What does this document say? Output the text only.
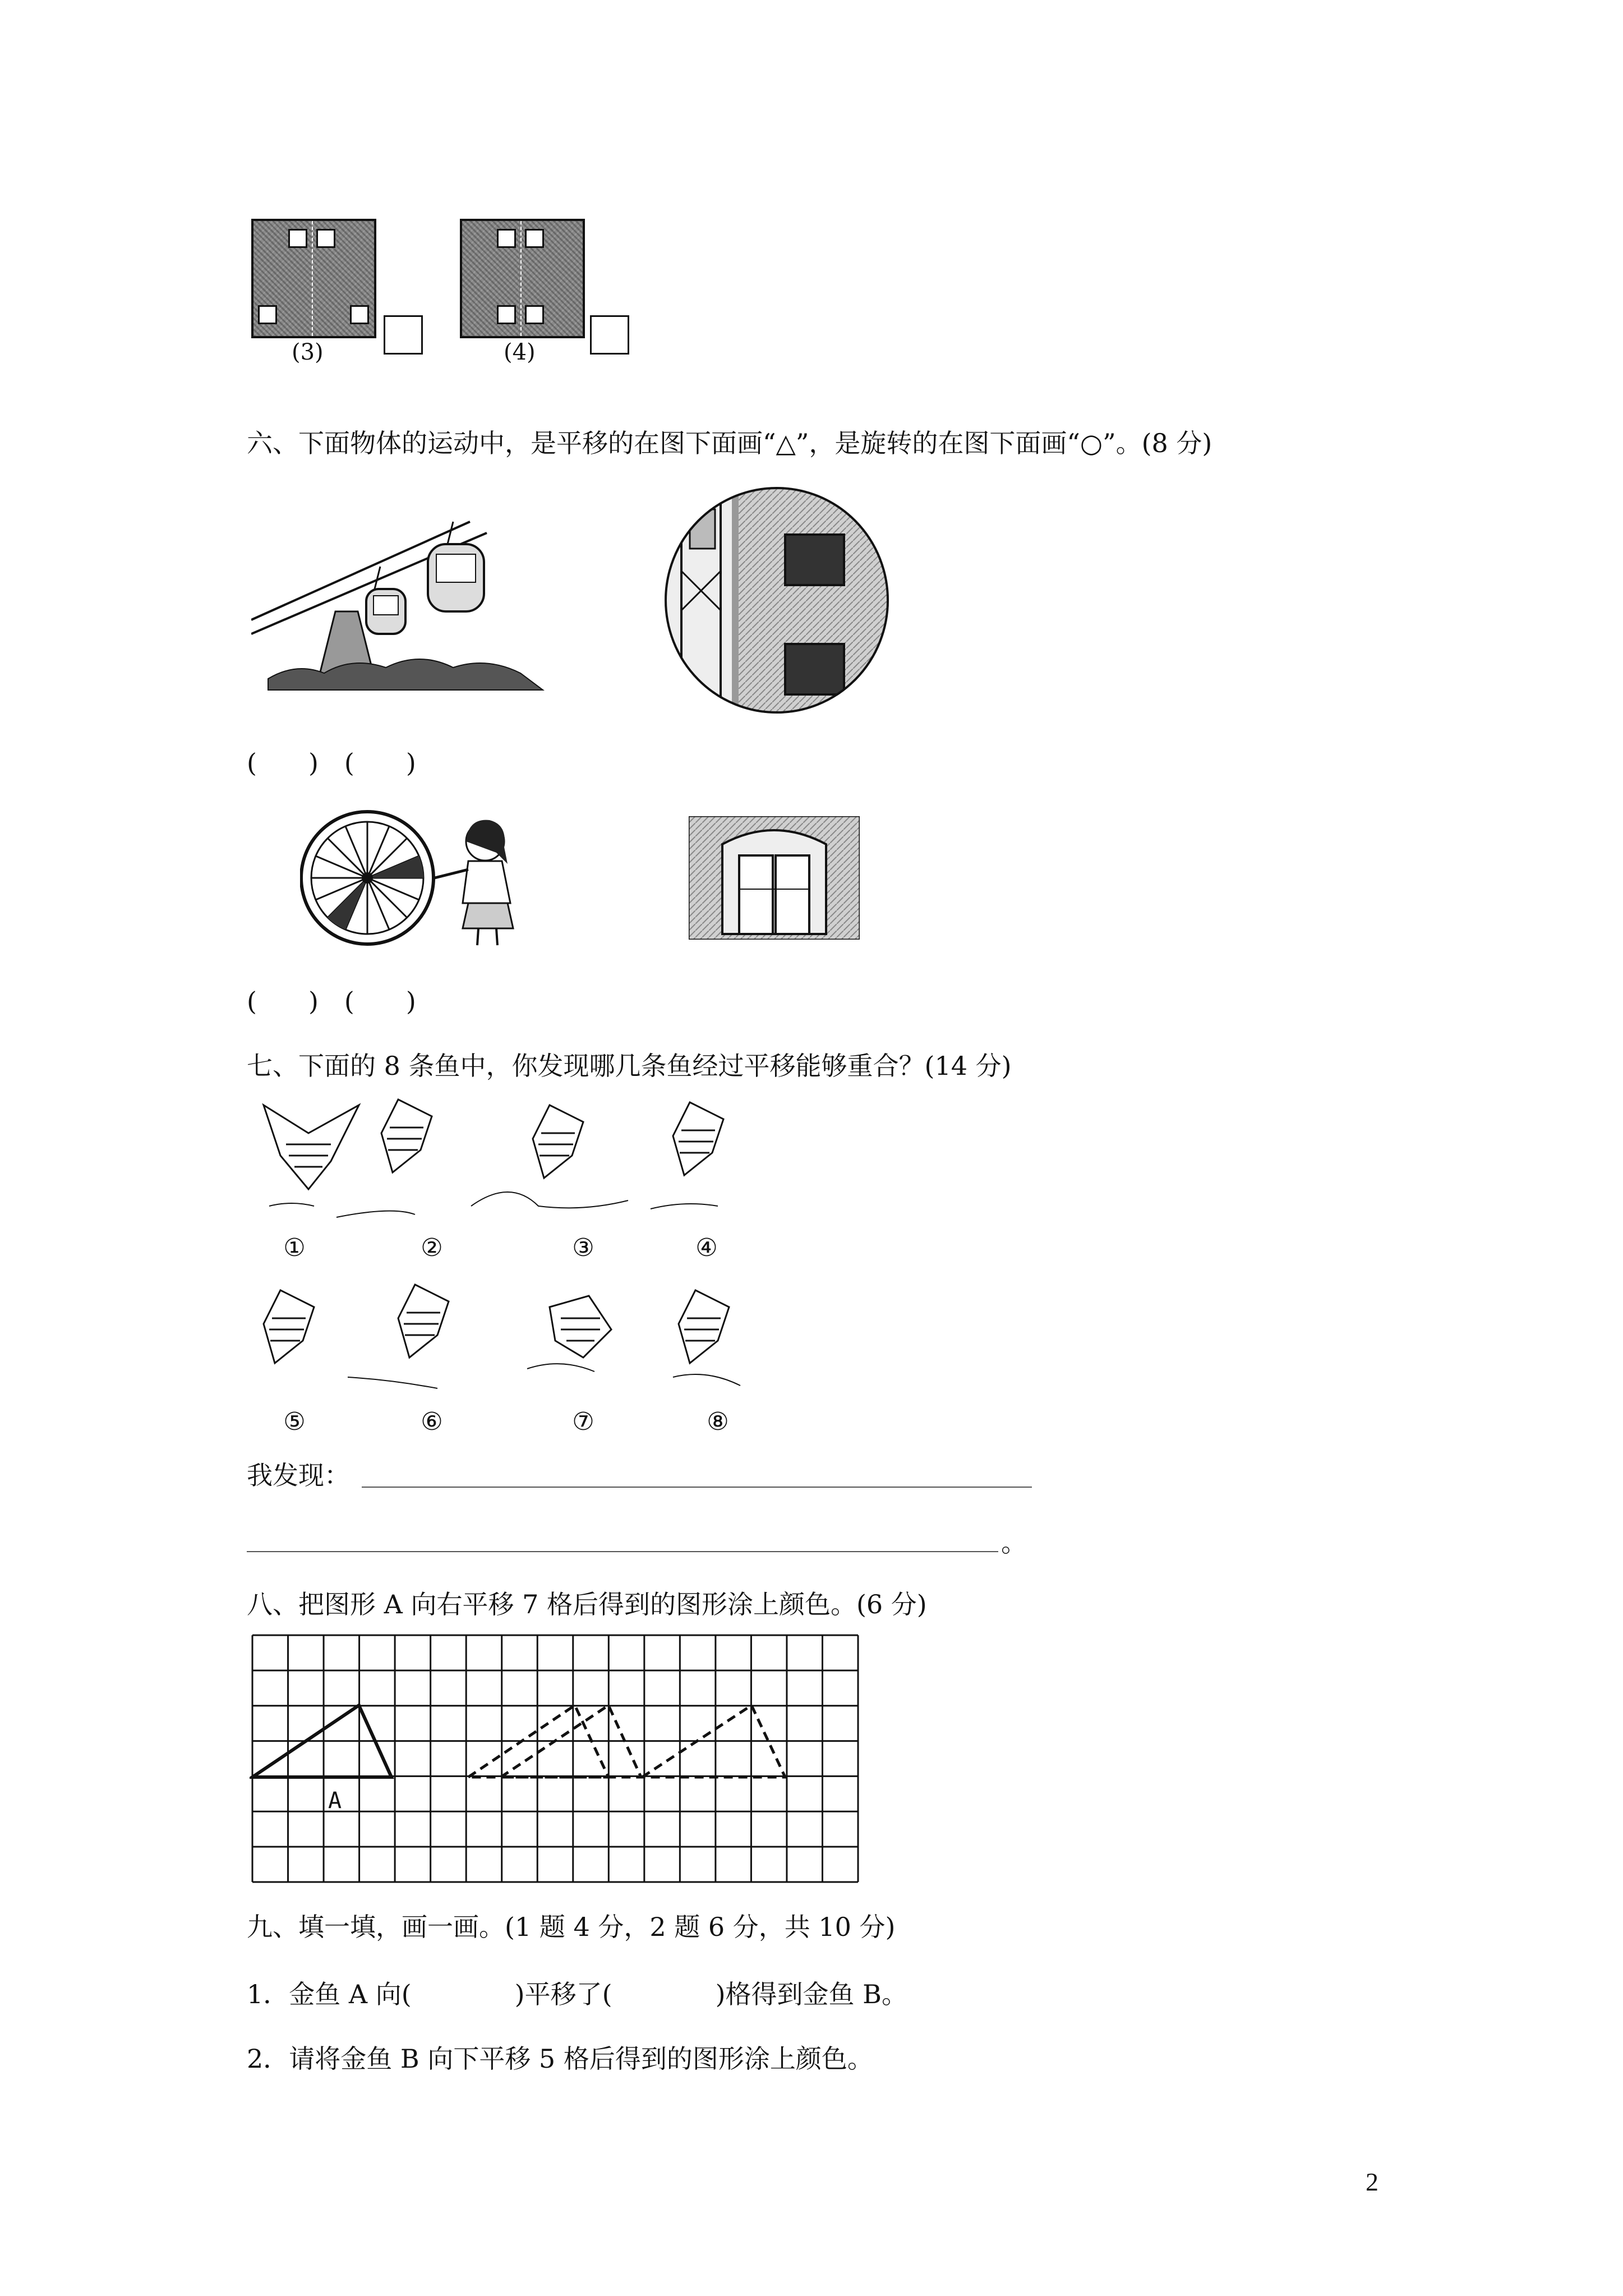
(3)	(4)
六、下面物体的运动中，是平移的在图下面画“△”，是旋转的在图下面画“○”。(8 分)
(　　)　(　　)
(　　)　(　　)
七、下面的 8 条鱼中，你发现哪几条鱼经过平移能够重合？(14 分)
①	②	③	④
⑤	⑥	⑦	⑧
我发现：
。
八、把图形 A 向右平移 7 格后得到的图形涂上颜色。(6 分)
A
九、填一填，画一画。(1 题 4 分，2 题 6 分，共 10 分)
1．金鱼 A 向(　　　　)平移了(　　　　)格得到金鱼 B。
2．请将金鱼 B 向下平移 5 格后得到的图形涂上颜色。
2
